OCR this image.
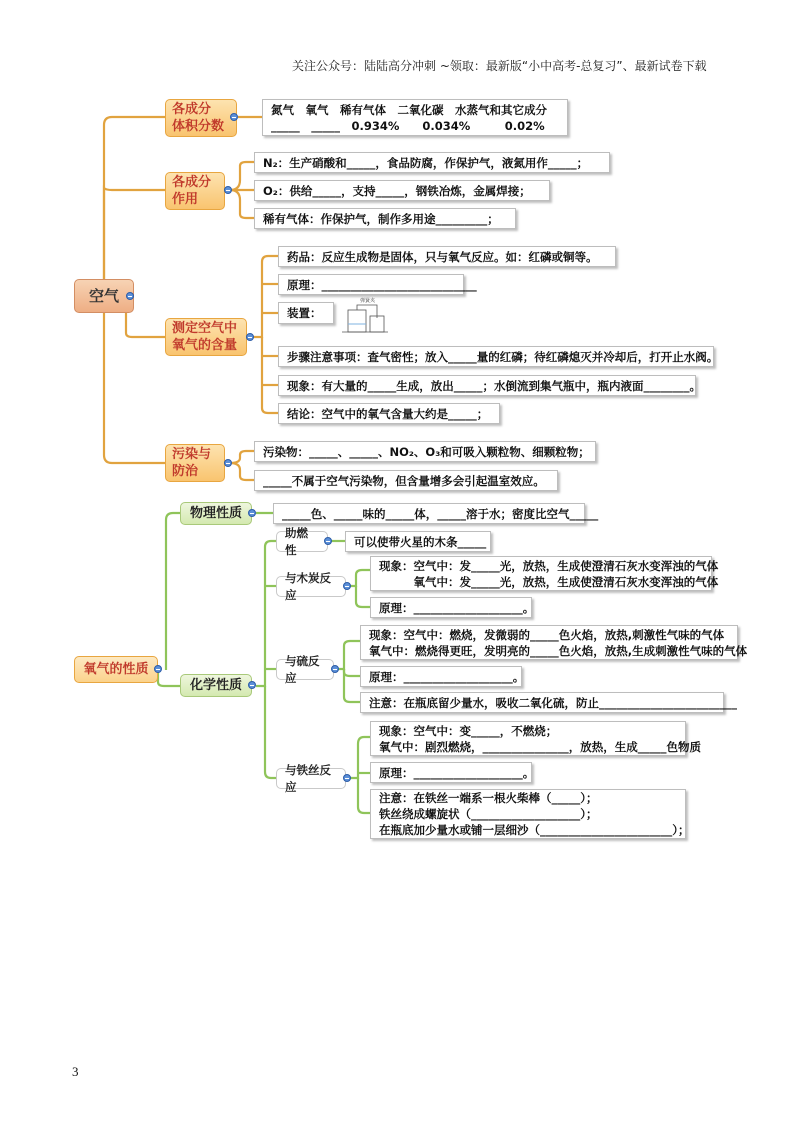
关注公众号：陆陆高分冲刺 ~领取：最新版“小中高考-总复习”、最新试卷下载
空气
各成分
体积分数
氮气　氧气　稀有气体　二氧化碳　水蒸气和其它成分
_____　_____　0.934%　　0.034%　　　0.02%
各成分
作用
N₂：生产硝酸和_____，食品防腐，作保护气，液氮用作_____；
O₂：供给_____，支持_____，钢铁冶炼，金属焊接；
稀有气体：作保护气，制作多用途_________；
测定空气中
氧气的含量
药品：反应生成物是固体，只与氧气反应。如：红磷或铜等。
原理：___________________________
装置：
弹簧夹
步骤注意事项：查气密性；放入_____量的红磷；待红磷熄灭并冷却后，打开止水阀。
现象：有大量的_____生成，放出_____；水倒流到集气瓶中，瓶内液面________。
结论：空气中的氧气含量大约是_____；
污染与
防治
污染物：_____、_____、NO₂、O₃和可吸入颗粒物、细颗粒物；
_____不属于空气污染物，但含量增多会引起温室效应。
氧气的性质
物理性质	_____色、_____味的_____体，_____溶于水；密度比空气_____
化学性质
助燃性
可以使带火星的木条_____
与木炭反应
现象：空气中：发_____光，放热，生成使澄清石灰水变浑浊的气体
　　　氧气中：发_____光，放热，生成使澄清石灰水变浑浊的气体
原理：___________________。
与硫反应
现象：空气中：燃烧，发微弱的_____色火焰，放热,刺激性气味的气体
氧气中：燃烧得更旺，发明亮的_____色火焰，放热,生成刺激性气味的气体
原理：___________________。
注意：在瓶底留少量水，吸收二氧化硫，防止________________________
与铁丝反应
现象：空气中：变_____，不燃烧；
氧气中：剧烈燃烧，_______________，放热，生成_____色物质
原理：___________________。
注意：在铁丝一端系一根火柴棒（_____）；
铁丝绕成螺旋状（___________________）；
在瓶底加少量水或铺一层细沙（_______________________）；
3
